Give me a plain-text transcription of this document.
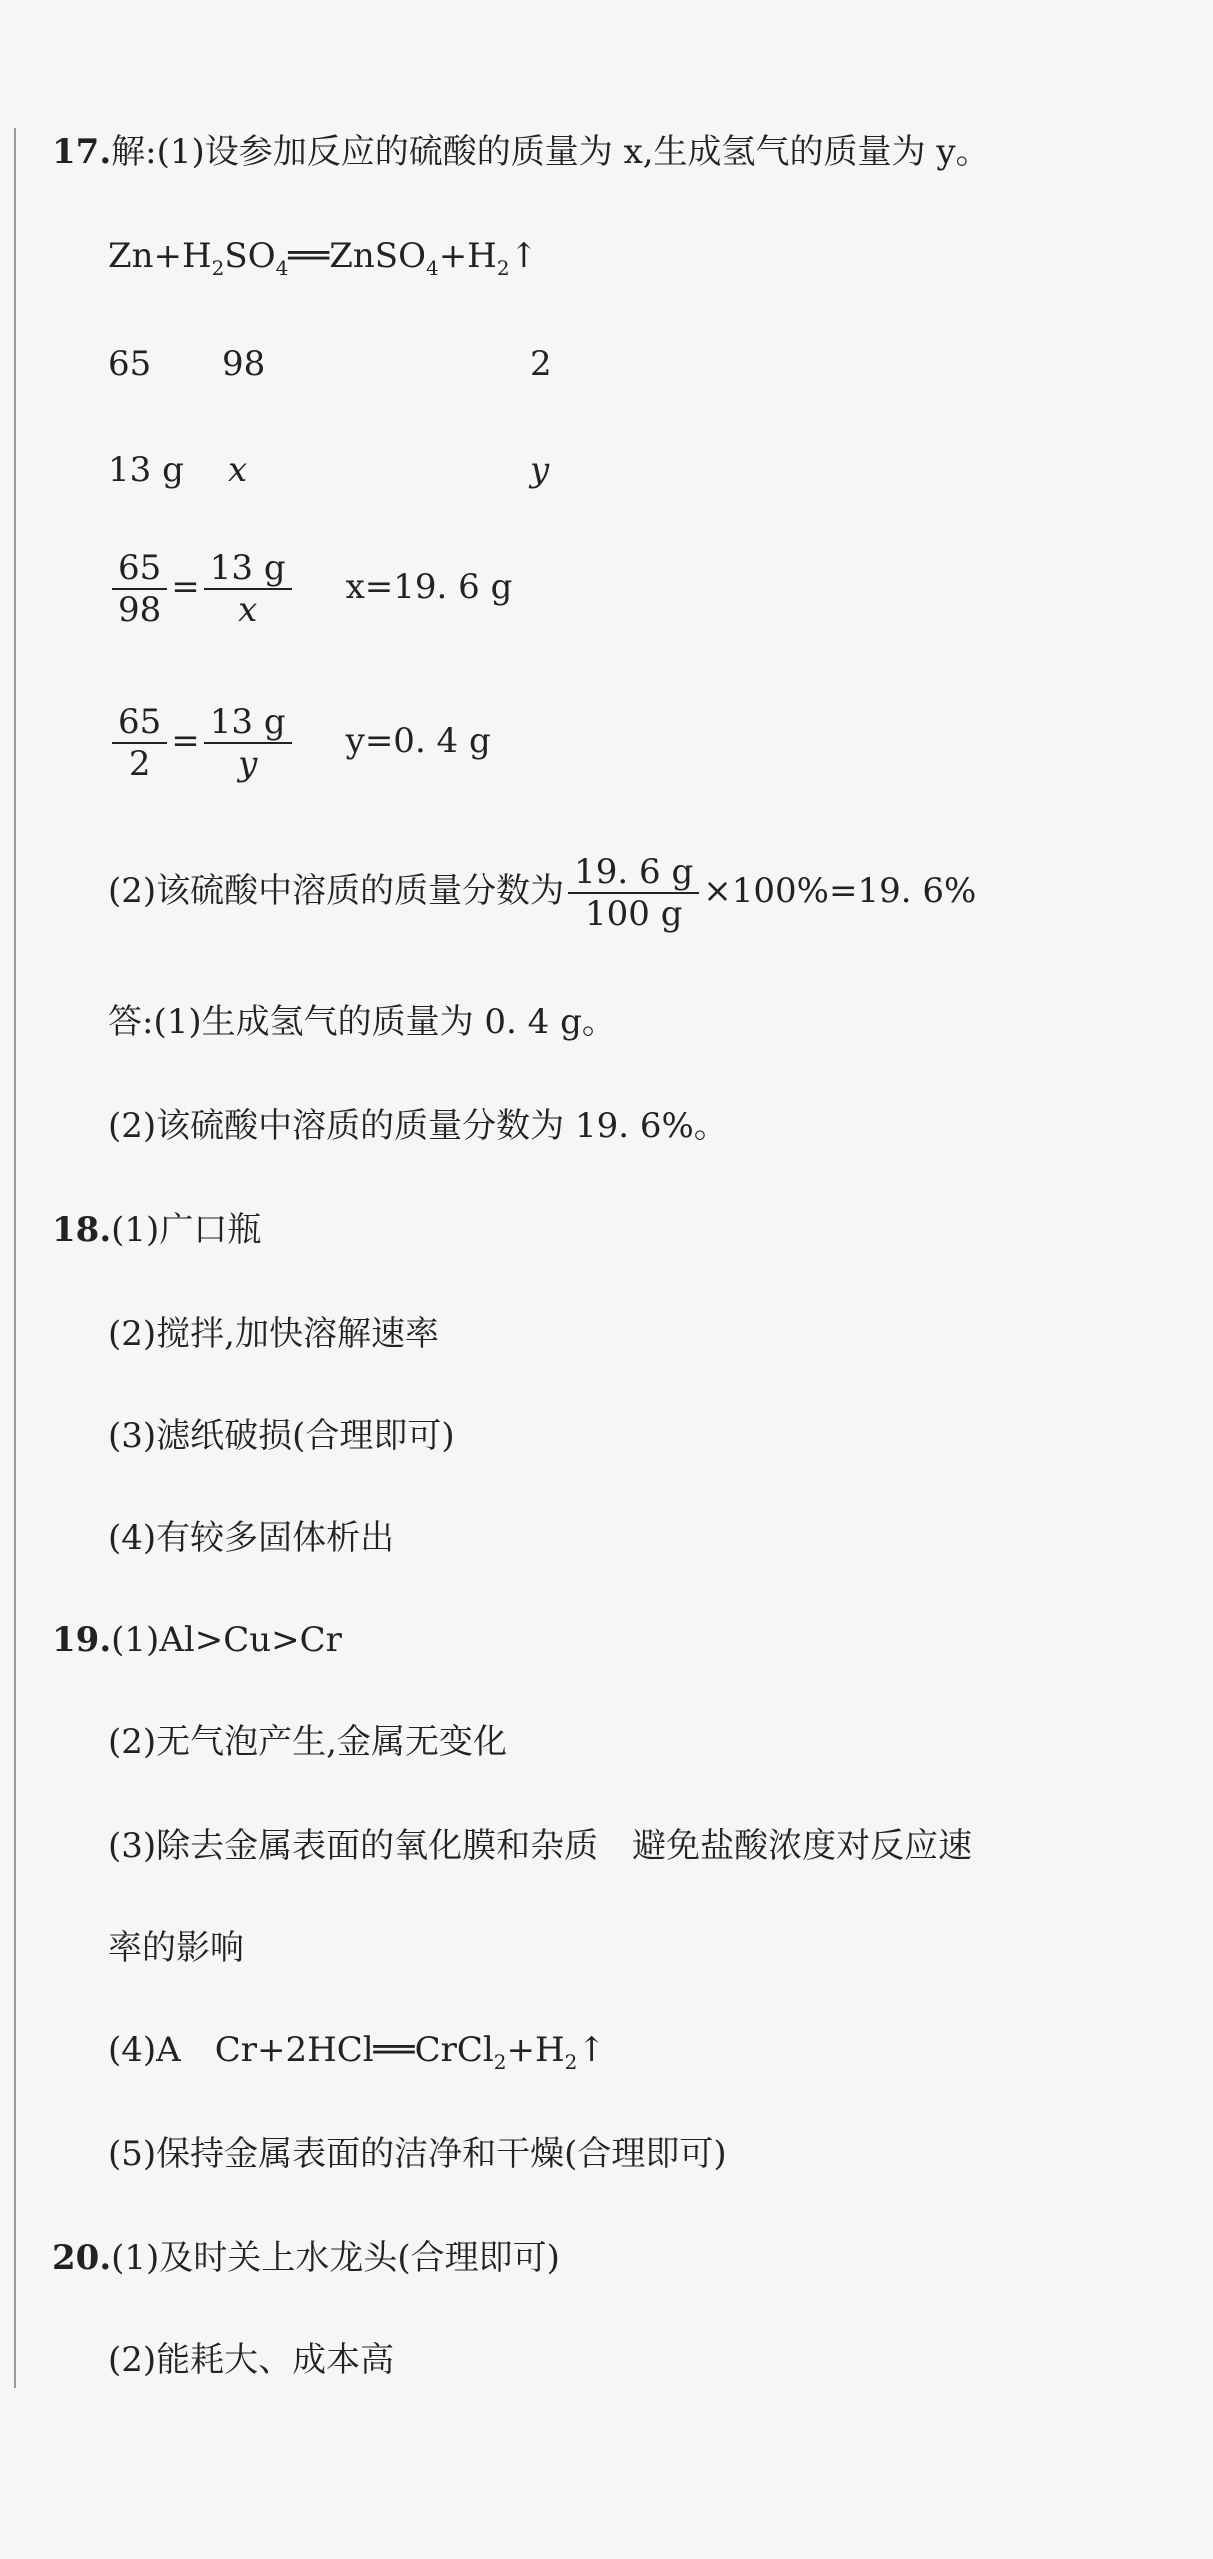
17.解:(1)设参加反应的硫酸的质量为 x,生成氢气的质量为 y。
$Zn+H_2SO_4══ZnSO_4+H_2↑$
65 98	2
13 g x	y
$\frac{65}{98} = \frac{13 g}{x} x=19$. 6 g
$\frac{65}{2} = \frac{13 g}{y} y=0$. 4 g
(2)该硫酸中溶质的质量分数为 $\frac{19. 6 g}{100 g} \times 100\%=19$. 6%
答:(1)生成氢气的质量为 0. 4 g。
(2)该硫酸中溶质的质量分数为 19. 6%。
18.(1)广口瓶
(2)搅拌,加快溶解速率
(3)滤纸破损(合理即可)
(4)有较多固体析出
19.(1)Al>Cu>Cr
(2)无气泡产生,金属无变化
(3)除去金属表面的氧化膜和杂质　避免盐酸浓度对反应速
率的影响
(4)A　$Cr+2HCl══CrCl_2+H_2↑$
(5)保持金属表面的洁净和干燥(合理即可)
20.(1)及时关上水龙头(合理即可)
(2)能耗大、成本高
